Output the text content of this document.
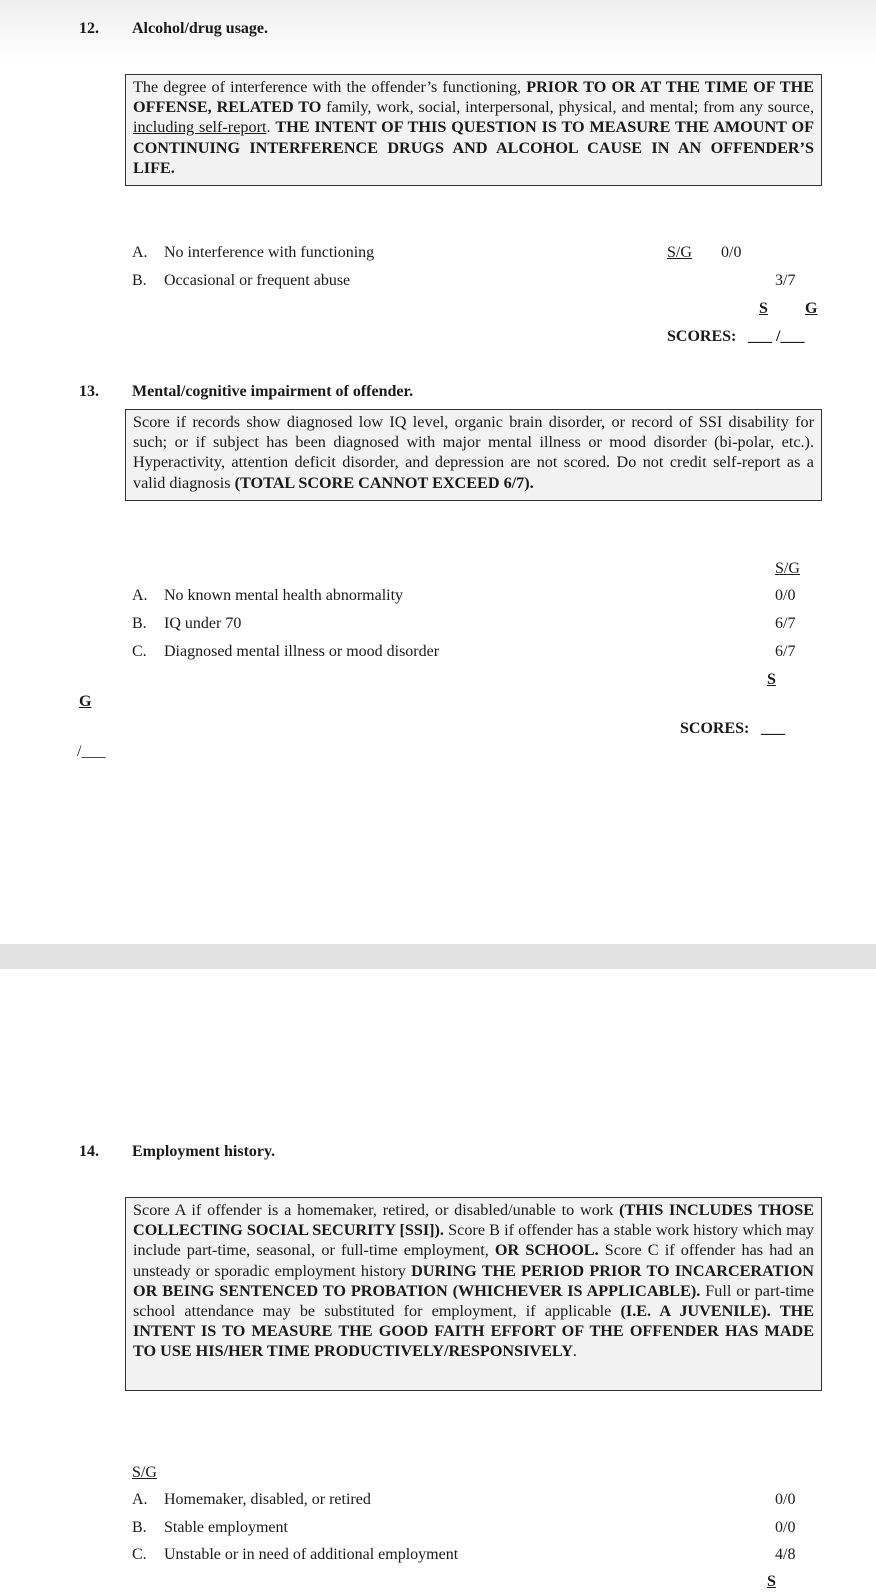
12. Alcohol/drug usage.
The degree of interference with the offender’s functioning, PRIOR TO OR AT THE TIME OF THE OFFENSE, RELATED TO family, work, social, interpersonal, physical, and mental; from any source, including self-report. THE INTENT OF THIS QUESTION IS TO MEASURE THE AMOUNT OF CONTINUING INTERFERENCE DRUGS AND ALCOHOL CAUSE IN AN OFFENDER’S LIFE.
A. No interference with functioning	S/G 0/0
B. Occasional or frequent abuse	3/7
S G
SCORES: ___ /___
13. Mental/cognitive impairment of offender.
Score if records show diagnosed low IQ level, organic brain disorder, or record of SSI disability for such; or if subject has been diagnosed with major mental illness or mood disorder (bi-polar, etc.). Hyperactivity, attention deficit disorder, and depression are not scored. Do not credit self-report as a valid diagnosis (TOTAL SCORE CANNOT EXCEED 6/7).
S/G
A. No known mental health abnormality	0/0
B. IQ under 70	6/7
C. Diagnosed mental illness or mood disorder	6/7
S
G
SCORES: ___
/___
14. Employment history.
Score A if offender is a homemaker, retired, or disabled/unable to work (THIS INCLUDES THOSE COLLECTING SOCIAL SECURITY [SSI]). Score B if offender has a stable work history which may include part-time, seasonal, or full-time employment, OR SCHOOL. Score C if offender has had an unsteady or sporadic employment history DURING THE PERIOD PRIOR TO INCARCERATION OR BEING SENTENCED TO PROBATION (WHICHEVER IS APPLICABLE). Full or part-time school attendance may be substituted for employment, if applicable (I.E. A JUVENILE). THE INTENT IS TO MEASURE THE GOOD FAITH EFFORT OF THE OFFENDER HAS MADE TO USE HIS/HER TIME PRODUCTIVELY/RESPONSIVELY.
S/G
A. Homemaker, disabled, or retired	0/0
B. Stable employment	0/0
C. Unstable or in need of additional employment	4/8
S
